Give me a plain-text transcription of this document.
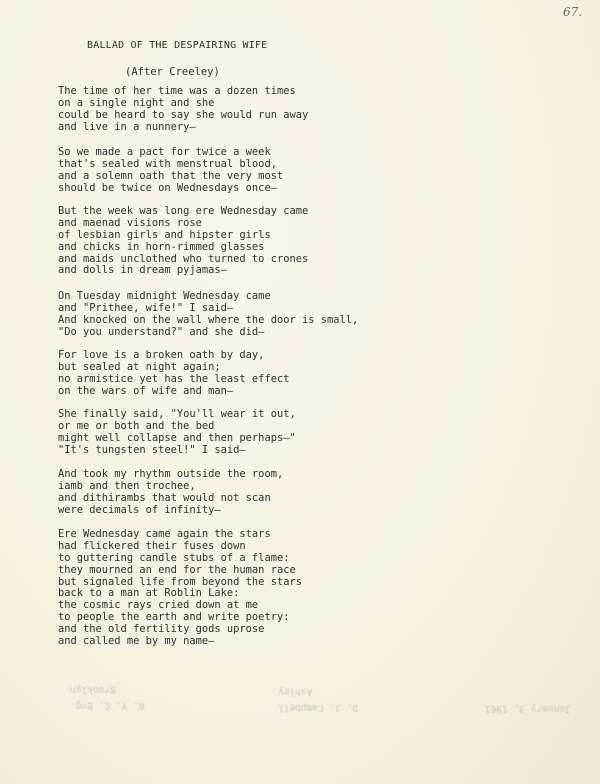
67.
BALLAD OF THE DESPAIRING WIFE
(After Creeley)
The time of her time was a dozen times
on a single night and she
could be heard to say she would run away
and live in a nunnery—
So we made a pact for twice a week
that's sealed with menstrual blood,
and a solemn oath that the very most
should be twice on Wednesdays once—
But the week was long ere Wednesday came
and maenad visions rose
of lesbian girls and hipster girls
and chicks in horn-rimmed glasses
and maids unclothed who turned to crones
and dolls in dream pyjamas—
On Tuesday midnight Wednesday came
and "Prithee, wife!" I said—
And knocked on the wall where the door is small,
"Do you understand?" and she did—
For love is a broken oath by day,
but sealed at night again;
no armistice yet has the least effect
on the wars of wife and man—
She finally said, "You'll wear it out,
or me or both and the bed
might well collapse and then perhaps—"
"It's tungsten steel!" I said—
And took my rhythm outside the room,
iamb and then trochee,
and dithirambs that would not scan
were decimals of infinity—
Ere Wednesday came again the stars
had flickered their fuses down
to guttering candle stubs of a flame:
they mourned an end for the human race
but signaled life from beyond the stars
back to a man at Roblin Lake:
the cosmic rays cried down at me
to people the earth and write poetry:
and the old fertility gods uprose
and called me by my name—
Brooklyn
N. Y. C. Eng.
Ashley
D. J. Campbell	January 3, 1961
